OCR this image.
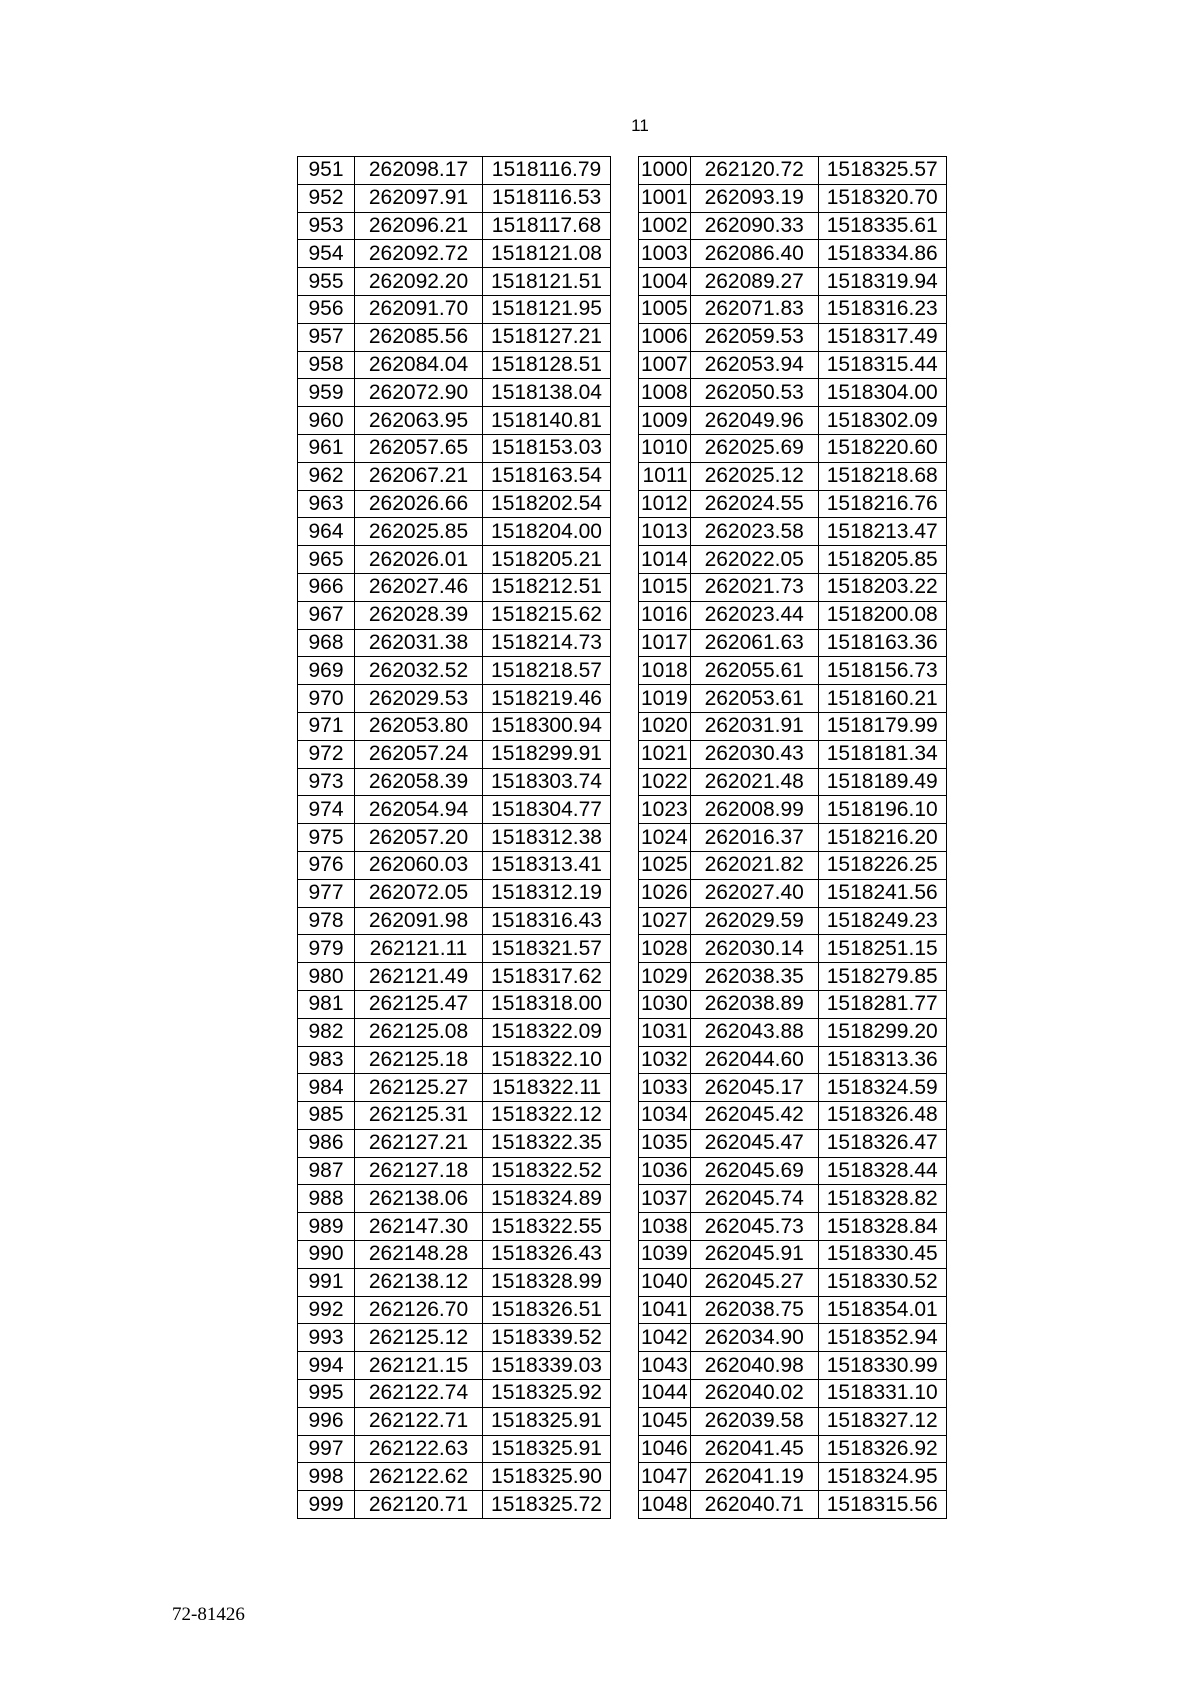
11
951	262098.17	1518116.79
952	262097.91	1518116.53
953	262096.21	1518117.68
954	262092.72	1518121.08
955	262092.20	1518121.51
956	262091.70	1518121.95
957	262085.56	1518127.21
958	262084.04	1518128.51
959	262072.90	1518138.04
960	262063.95	1518140.81
961	262057.65	1518153.03
962	262067.21	1518163.54
963	262026.66	1518202.54
964	262025.85	1518204.00
965	262026.01	1518205.21
966	262027.46	1518212.51
967	262028.39	1518215.62
968	262031.38	1518214.73
969	262032.52	1518218.57
970	262029.53	1518219.46
971	262053.80	1518300.94
972	262057.24	1518299.91
973	262058.39	1518303.74
974	262054.94	1518304.77
975	262057.20	1518312.38
976	262060.03	1518313.41
977	262072.05	1518312.19
978	262091.98	1518316.43
979	262121.11	1518321.57
980	262121.49	1518317.62
981	262125.47	1518318.00
982	262125.08	1518322.09
983	262125.18	1518322.10
984	262125.27	1518322.11
985	262125.31	1518322.12
986	262127.21	1518322.35
987	262127.18	1518322.52
988	262138.06	1518324.89
989	262147.30	1518322.55
990	262148.28	1518326.43
991	262138.12	1518328.99
992	262126.70	1518326.51
993	262125.12	1518339.52
994	262121.15	1518339.03
995	262122.74	1518325.92
996	262122.71	1518325.91
997	262122.63	1518325.91
998	262122.62	1518325.90
999	262120.71	1518325.72
1000	262120.72	1518325.57
1001	262093.19	1518320.70
1002	262090.33	1518335.61
1003	262086.40	1518334.86
1004	262089.27	1518319.94
1005	262071.83	1518316.23
1006	262059.53	1518317.49
1007	262053.94	1518315.44
1008	262050.53	1518304.00
1009	262049.96	1518302.09
1010	262025.69	1518220.60
1011	262025.12	1518218.68
1012	262024.55	1518216.76
1013	262023.58	1518213.47
1014	262022.05	1518205.85
1015	262021.73	1518203.22
1016	262023.44	1518200.08
1017	262061.63	1518163.36
1018	262055.61	1518156.73
1019	262053.61	1518160.21
1020	262031.91	1518179.99
1021	262030.43	1518181.34
1022	262021.48	1518189.49
1023	262008.99	1518196.10
1024	262016.37	1518216.20
1025	262021.82	1518226.25
1026	262027.40	1518241.56
1027	262029.59	1518249.23
1028	262030.14	1518251.15
1029	262038.35	1518279.85
1030	262038.89	1518281.77
1031	262043.88	1518299.20
1032	262044.60	1518313.36
1033	262045.17	1518324.59
1034	262045.42	1518326.48
1035	262045.47	1518326.47
1036	262045.69	1518328.44
1037	262045.74	1518328.82
1038	262045.73	1518328.84
1039	262045.91	1518330.45
1040	262045.27	1518330.52
1041	262038.75	1518354.01
1042	262034.90	1518352.94
1043	262040.98	1518330.99
1044	262040.02	1518331.10
1045	262039.58	1518327.12
1046	262041.45	1518326.92
1047	262041.19	1518324.95
1048	262040.71	1518315.56
72-81426
